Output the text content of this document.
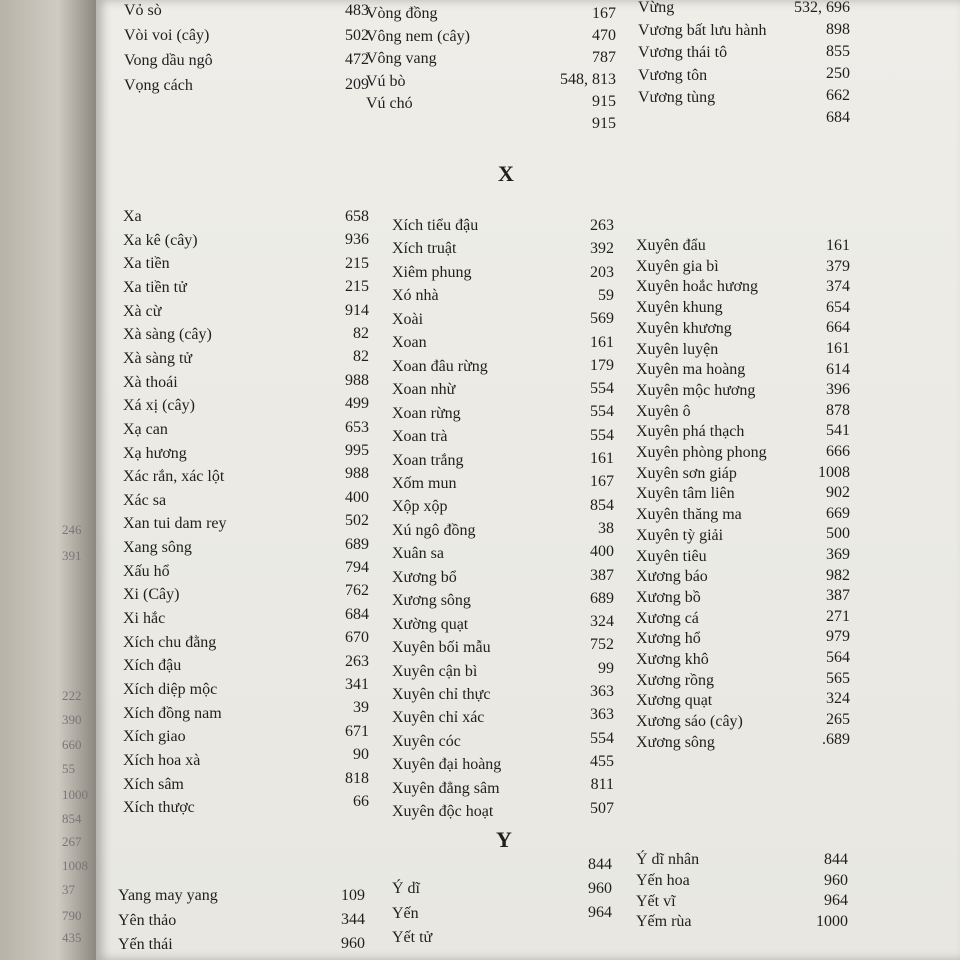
X
Y
Vỏ sò	483
Vòi voi (cây)	502
Vong dầu ngô	472
Vọng cách	209
Vòng đồng	167
Vông nem (cây)	470
Vông vang	787
Vú bò	548, 813
Vú chó	915
915
Vừng	532, 696
Vương bất lưu hành	898
Vương thái tô	855
Vương tôn	250
Vương tùng	662
684
Xa	658
Xa kê (cây)	936
Xa tiền	215
Xa tiền tử	215
Xà cừ	914
Xà sàng (cây)	82
Xà sàng tử	82
Xà thoái	988
Xá xị (cây)	499
Xạ can	653
Xạ hương	995
Xác rắn, xác lột	988
Xác sa	400
Xan tui dam rey	502
Xang sông	689
Xấu hổ	794
Xi (Cây)	762
Xi hắc	684
Xích chu đằng	670
Xích đậu	263
Xích diệp mộc	341
Xích đồng nam	39
Xích giao	671
Xích hoa xà	90
Xích sâm	818
Xích thược	66
Xích tiểu đậu	263
Xích truật	392
Xiêm phung	203
Xó nhà	59
Xoài	569
Xoan	161
Xoan đâu rừng	179
Xoan nhừ	554
Xoan rừng	554
Xoan trà	554
Xoan trắng	161
Xốm mun	167
Xộp xộp	854
Xú ngô đồng	38
Xuân sa	400
Xương bổ	387
Xương sông	689
Xường quạt	324
Xuyên bối mẫu	752
Xuyên cận bì	99
Xuyên chỉ thực	363
Xuyên chỉ xác	363
Xuyên cóc	554
Xuyên đại hoàng	455
Xuyên đẳng sâm	811
Xuyên độc hoạt	507
Xuyên đẩu	161
Xuyên gia bì	379
Xuyên hoắc hương	374
Xuyên khung	654
Xuyên khương	664
Xuyên luyện	161
Xuyên ma hoàng	614
Xuyên mộc hương	396
Xuyên ô	878
Xuyên phá thạch	541
Xuyên phòng phong	666
Xuyên sơn giáp	1008
Xuyên tâm liên	902
Xuyên thăng ma	669
Xuyên tỳ giải	500
Xuyên tiêu	369
Xương báo	982
Xương bồ	387
Xương cá	271
Xương hổ	979
Xương khô	564
Xương rồng	565
Xương quạt	324
Xương sáo (cây)	265
Xương sông	.689
Yang may yang	109
Yên thảo	344
Yến thái	960
844
Ý dĩ	960
Yến	964
Yết tử
Ý dĩ nhân	844
Yến hoa	960
Yết vĩ	964
Yếm rùa	1000
246
391
222
390
660
55
1000
854
267
1008
37
790
435
